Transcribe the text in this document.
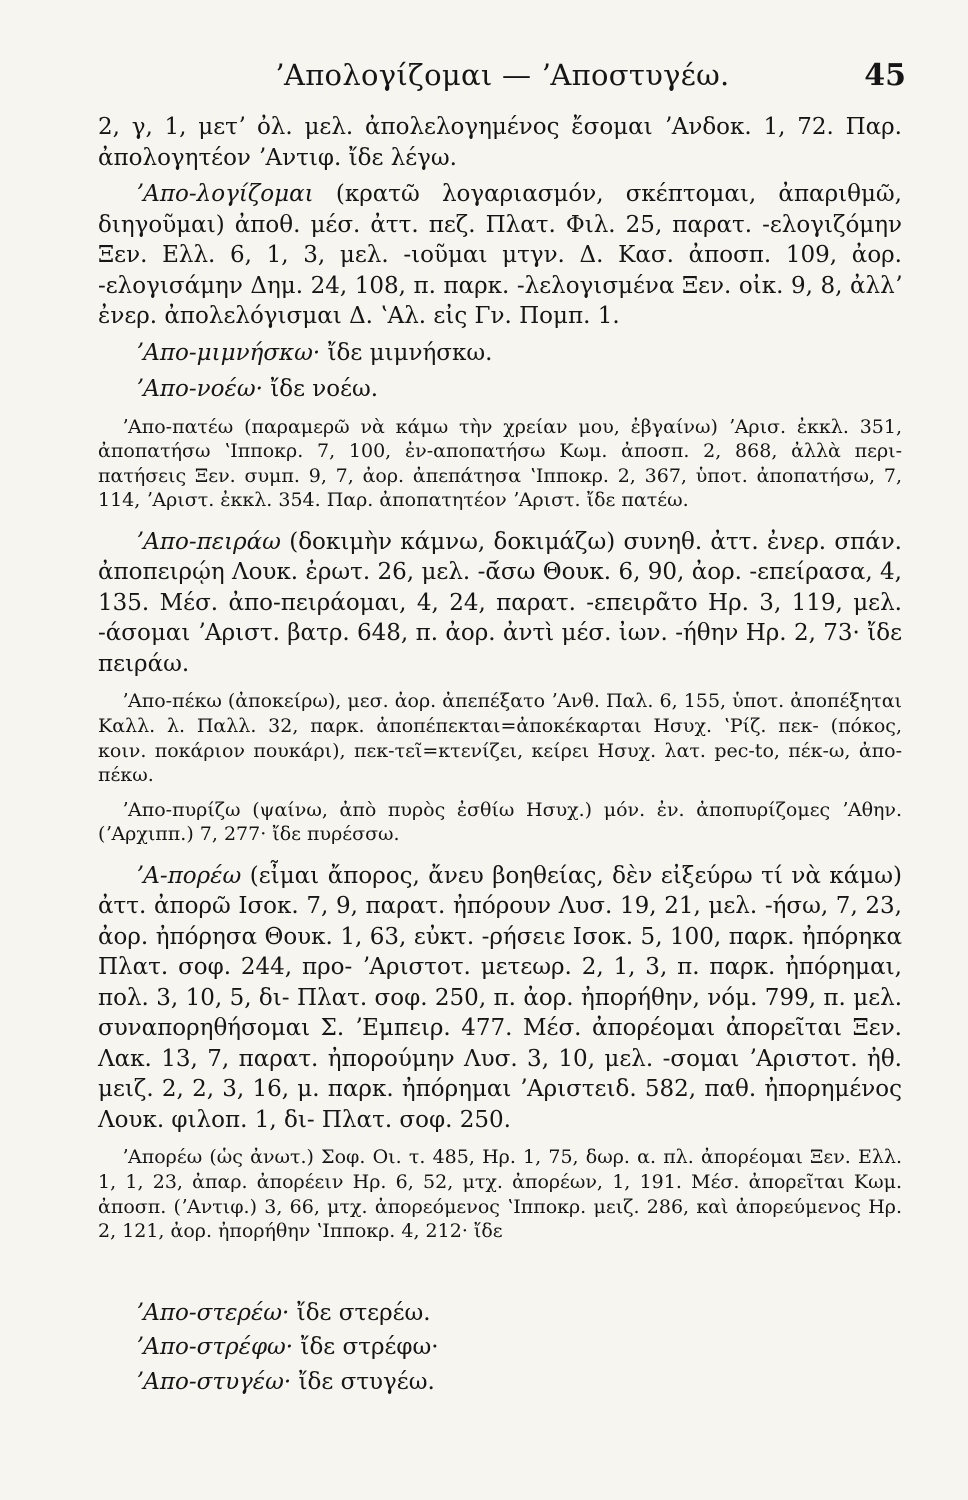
ʼΑπολογίζομαι — ʼΑποστυγέω.	45

2, γ, 1, μετʼ ὀλ. μελ. ἀπολελογημένος ἔσομαι ʼΑνδοκ. 1, 72. Παρ. ἀπολογητέον ʼΑντιφ. ἴδε λέγω.

ʼΑπο-λογίζομαι (κρατῶ λογαριασμόν, σκέπτομαι, ἀπαριθμῶ, διηγοῦμαι) ἀποθ. μέσ. ἀττ. πεζ. Πλατ. Φιλ. 25, παρατ. -ελογιζόμην Ξεν. Ελλ. 6, 1, 3, μελ. -ιοῦμαι μτγν. Δ. Κασ. ἀποσπ. 109, ἀορ. -ελογισάμην Δημ. 24, 108, π. παρκ. -λελογισμένα Ξεν. οἰκ. 9, 8, ἀλλʼ ἐνερ. ἀπολελόγισμαι Δ. ʽΑλ. εἰς Γν. Πομπ. 1.

ʼΑπο-μιμνήσκω· ἴδε μιμνήσκω.

ʼΑπο-νοέω· ἴδε νοέω.

ʼΑπο-πατέω (παραμερῶ νὰ κάμω τὴν χρείαν μου, ἐβγαίνω) ʼΑρισ. ἐκκλ. 351, ἀποπατήσω ʽΙπποκρ. 7, 100, ἐν-αποπατήσω Κωμ. ἀποσπ. 2, 868, ἀλλὰ περι-πατήσεις Ξεν. συμπ. 9, 7, ἀορ. ἀπεπάτησα ʽΙπποκρ. 2, 367, ὑποτ. ἀποπατήσω, 7, 114, ʼΑριστ. ἐκκλ. 354. Παρ. ἀποπατητέον ʼΑριστ. ἴδε πατέω.

ʼΑπο-πειράω (δοκιμὴν κάμνω, δοκιμάζω) συνηθ. ἀττ. ἐνερ. σπάν. ἀποπειρῴη Λουκ. ἐρωτ. 26, μελ. -ᾱ́σω Θουκ. 6, 90, ἀορ. -επείρασα, 4, 135. Μέσ. ἀπο-πειράομαι, 4, 24, παρατ. -επειρᾶτο Ηρ. 3, 119, μελ. -άσομαι ʼΑριστ. βατρ. 648, π. ἀορ. ἀντὶ μέσ. ἰων. -ήθην Ηρ. 2, 73· ἴδε πειράω.

ʼΑπο-πέκω (ἀποκείρω), μεσ. ἀορ. ἀπεπέξατο ʼΑνθ. Παλ. 6, 155, ὑποτ. ἀποπέξηται Καλλ. λ. Παλλ. 32, παρκ. ἀποπέπεκται=ἀποκέκαρται Ησυχ. ʽΡίζ. πεκ- (πόκος, κοιν. ποκάριον πουκάρι), πεκ-τεῖ=κτενίζει, κείρει Ησυχ. λατ. pec-to, πέκ-ω, ἀπο-πέκω.

ʼΑπο-πυρίζω (ψαίνω, ἀπὸ πυρὸς ἐσθίω Ησυχ.) μόν. ἐν. ἀποπυρίζομες ʼΑθην. (ʼΑρχιππ.) 7, 277· ἴδε πυρέσσω.

ʼΑ-πορέω (εἶμαι ἄπορος, ἄνευ βοηθείας, δὲν εἰξεύρω τί νὰ κάμω) ἀττ. ἀπορῶ Ισοκ. 7, 9, παρατ. ἠπόρουν Λυσ. 19, 21, μελ. -ήσω, 7, 23, ἀορ. ἠπόρησα Θουκ. 1, 63, εὐκτ. -ρήσειε Ισοκ. 5, 100, παρκ. ἠπόρηκα Πλατ. σοφ. 244, προ- ʼΑριστοτ. μετεωρ. 2, 1, 3, π. παρκ. ἠπόρημαι, πολ. 3, 10, 5, δι- Πλατ. σοφ. 250, π. ἀορ. ἠπορήθην, νόμ. 799, π. μελ. συναπορηθήσομαι Σ. ʼΕμπειρ. 477. Μέσ. ἀπορέομαι ἀπορεῖται Ξεν. Λακ. 13, 7, παρατ. ἠπορούμην Λυσ. 3, 10, μελ. -σομαι ʼΑριστοτ. ἠθ. μειζ. 2, 2, 3, 16, μ. παρκ. ἠπόρημαι ʼΑριστειδ. 582, παθ. ἠπορημένος Λουκ. φιλοπ. 1, δι- Πλατ. σοφ. 250.

ʼΑπορέω (ὡς ἀνωτ.) Σοφ. Οι. τ. 485, Ηρ. 1, 75, δωρ. α. πλ. ἀπορέομαι Ξεν. Ελλ. 1, 1, 23, ἀπαρ. ἀπορέειν Ηρ. 6, 52, μτχ. ἀπορέων, 1, 191. Μέσ. ἀπορεῖται Κωμ. ἀποσπ. (ʼΑντιφ.) 3, 66, μτχ. ἀπορεόμενος ʽΙπποκρ. μειζ. 286, καὶ ἀπορεύμενος Ηρ. 2, 121, ἀορ. ἠπορήθην ʽΙπποκρ. 4, 212· ἴδε

ʼΑπο-στερέω· ἴδε στερέω.

ʼΑπο-στρέφω· ἴδε στρέφω·

ʼΑπο-στυγέω· ἴδε στυγέω.
